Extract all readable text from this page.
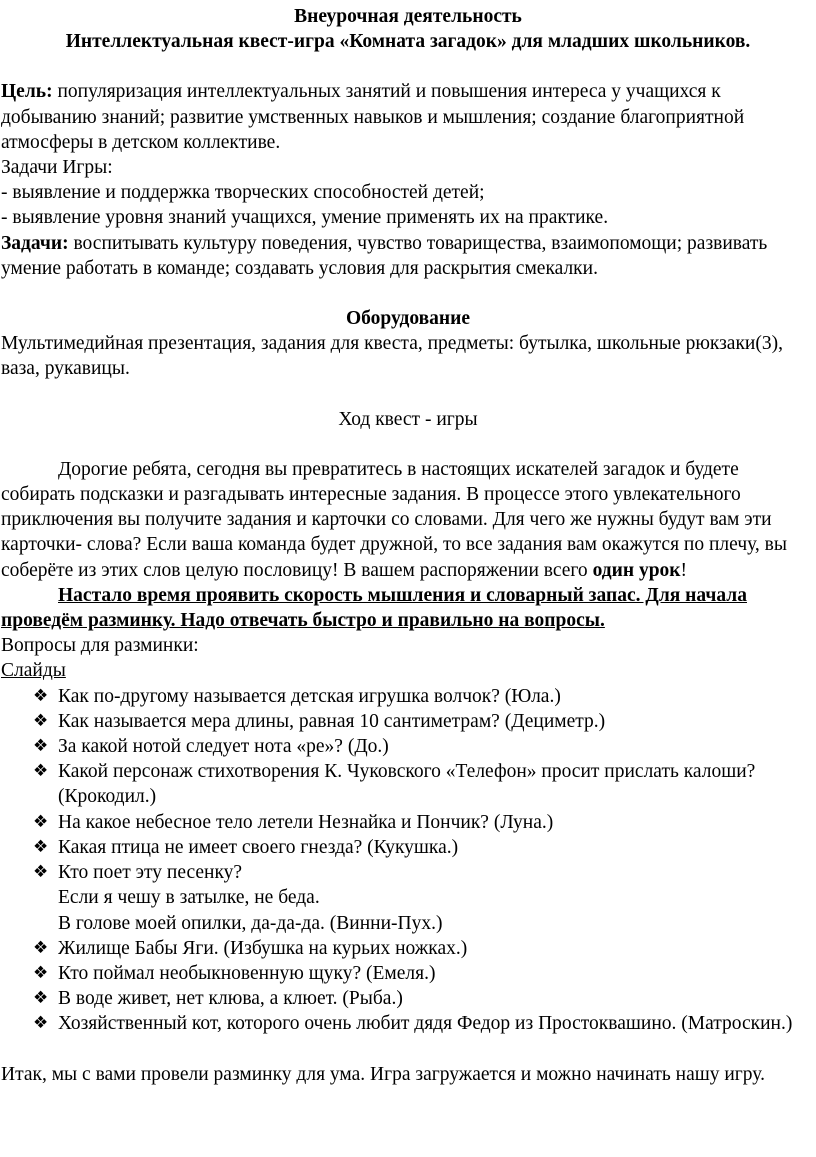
Внеурочная деятельность
Интеллектуальная квест-игра «Комната загадок» для младших школьников.

Цель: популяризация интеллектуальных занятий и повышения интереса у учащихся к добыванию знаний; развитие умственных навыков и мышления; создание благоприятной атмосферы в детском коллективе.

Задачи Игры:

- выявление и поддержка творческих способностей детей;

- выявление уровня знаний учащихся, умение применять их на практике.

Задачи: воспитывать культуру поведения, чувство товарищества, взаимопомощи; развивать умение работать в команде; создавать условия для раскрытия смекалки.

Оборудование

Мультимедийная презентация, задания для квеста, предметы: бутылка, школьные рюкзаки(3), ваза, рукавицы.

Ход квест - игры

Дорогие ребята, сегодня вы превратитесь в настоящих искателей загадок и будете собирать подсказки и разгадывать интересные задания. В процессе этого увлекательного приключения вы получите задания и карточки со словами. Для чего же нужны будут вам эти карточки- слова? Если ваша команда будет дружной, то все задания вам окажутся по плечу, вы соберёте из этих слов целую пословицу! В вашем распоряжении всего один урок!

Настало время проявить скорость мышления и словарный запас. Для начала проведём разминку. Надо отвечать быстро и правильно на вопросы.

Вопросы для разминки:

Слайды

❖ Как по-другому называется детская игрушка волчок? (Юла.)
❖ Как называется мера длины, равная 10 сантиметрам? (Дециметр.)
❖ За какой нотой следует нота «ре»? (До.)
❖ Какой персонаж стихотворения К. Чуковского «Телефон» просит прислать калоши? (Крокодил.)
❖ На какое небесное тело летели Незнайка и Пончик? (Луна.)
❖ Какая птица не имеет своего гнезда? (Кукушка.)
❖ Кто поет эту песенку?
Если я чешу в затылке, не беда.
В голове моей опилки, да-да-да. (Винни-Пух.)
❖ Жилище Бабы Яги. (Избушка на курьих ножках.)
❖ Кто поймал необыкновенную щуку? (Емеля.)
❖ В воде живет, нет клюва, а клюет. (Рыба.)
❖ Хозяйственный кот, которого очень любит дядя Федор из Простоквашино. (Матроскин.)

Итак, мы с вами провели разминку для ума. Игра загружается и можно начинать нашу игру.
